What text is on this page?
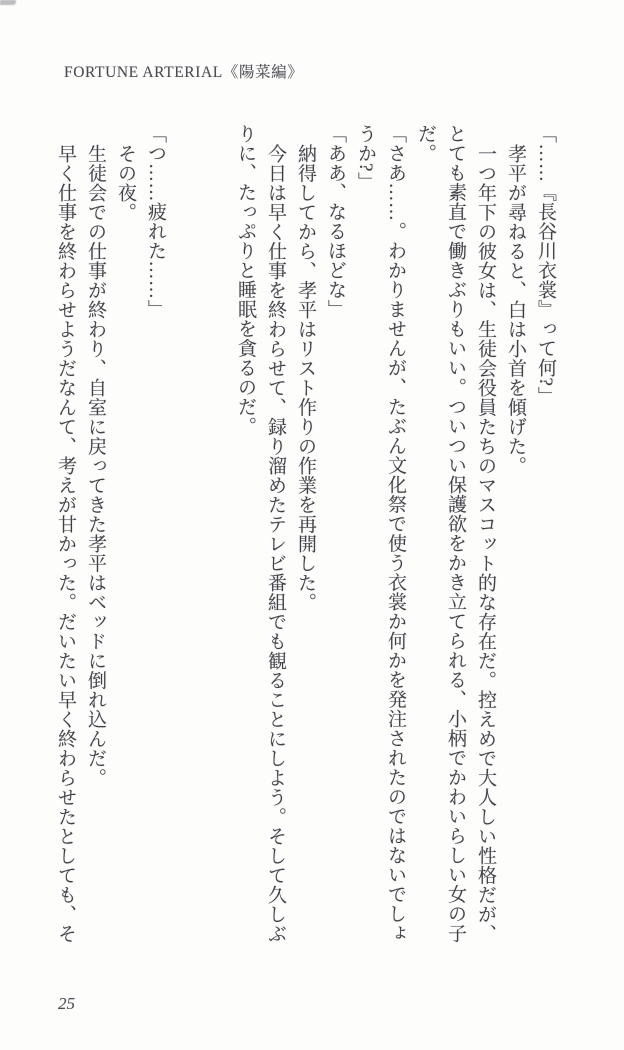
FORTUNE ARTERIAL《陽菜編》

「……『長谷川衣裳』って何?」

孝平が尋ねると、白は小首を傾げた。

一つ年下の彼女は、生徒会役員たちのマスコット的な存在だ。控えめで大人しい性格だが、とても素直で働きぶりもいい。ついつい保護欲をかき立てられる、小柄でかわいらしい女の子だ。

「さあ……。わかりませんが、たぶん文化祭で使う衣裳か何かを発注されたのではないでしょうか?」

「ああ、なるほどな」

納得してから、孝平はリスト作りの作業を再開した。

今日は早く仕事を終わらせて、録り溜めたテレビ番組でも観ることにしよう。そして久しぶりに、たっぷりと睡眠を貪るのだ。

「つ……疲れた……」

その夜。

生徒会での仕事が終わり、自室に戻ってきた孝平はベッドに倒れ込んだ。

早く仕事を終わらせようだなんて、考えが甘かった。だいたい早く終わらせたとしても、そ

25
